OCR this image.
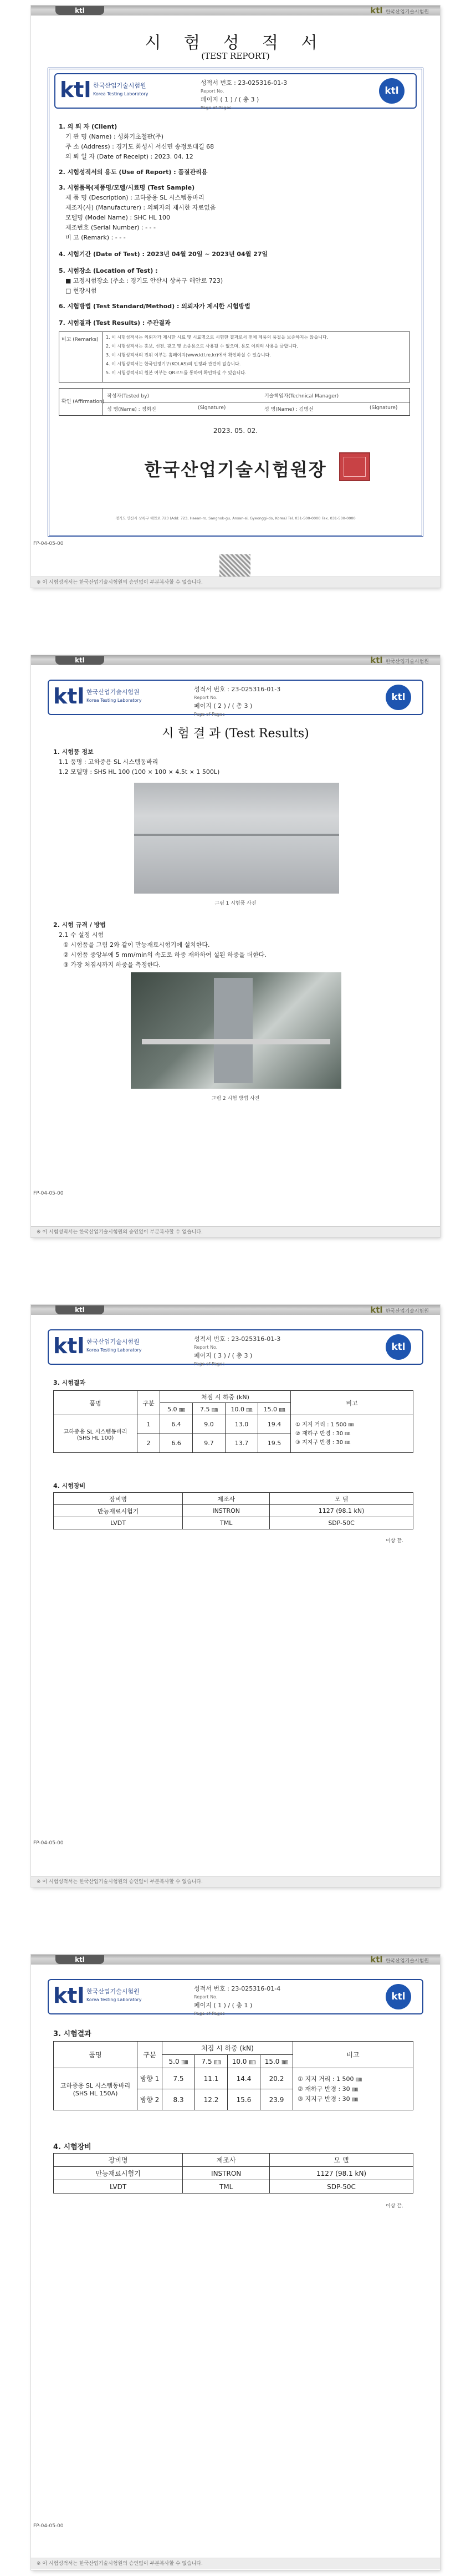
ktl	ktl 한국산업기술시험원
시 험 성 적 서
(TEST REPORT)
ktl 한국산업기술시험원
Korea Testing Laboratory
성적서 번호 : 23-025316-01-3
Report No.
페이지 ( 1 ) / ( 총 3 )
Page of Pages
ktl
1. 의 뢰 자 (Client)
기 관 명 (Name) : 성화기초철판(주)
주 소 (Address) : 경기도 화성시 서신면 송정로대길 68
의 뢰 일 자 (Date of Receipt) : 2023. 04. 12
2. 시험성적서의 용도 (Use of Report) : 품질관리용
3. 시험품목(제품명/모델/시료명 (Test Sample)
제 품 명 (Description) : 고하중용 SL 시스템동바리
제조자(사) (Manufacturer) : 의뢰자의 제시한 자료없음
모델명 (Model Name) : SHC HL 100
제조번호 (Serial Number) : - - -
비 고 (Remark) : - - -
4. 시험기간 (Date of Test) : 2023년 04월 20일 ~ 2023년 04월 27일
5. 시험장소 (Location of Test) :
■ 고정시험장소 (주소 : 경기도 안산시 상록구 해안로 723)
□ 현장시험
6. 시험방법 (Test Standard/Method) : 의뢰자가 제시한 시험방법
7. 시험결과 (Test Results) : 주관결과
비고 (Remarks) 1. 이 시험성적서는 의뢰자가 제시한 시료 및 시료명으로 시험한 결과로서 전체 제품의 품질을 보증하지는 않습니다.
2. 이 시험성적서는 홍보, 선전, 광고 및 소송용으로 사용될 수 없으며, 용도 이외의 사용을 금합니다.
3. 이 시험성적서의 진위 여부는 홈페이지(www.ktl.re.kr)에서 확인하실 수 있습니다.
4. 이 시험성적서는 한국인정기구(KOLAS)의 인정과 관련이 없습니다.
5. 이 시험성적서의 원본 여부는 QR코드를 통하여 확인하실 수 있습니다.
확인 (Affirmation)
작성자(Tested by)
성 명(Name) : 정회진	(Signature)
기술책임자(Technical Manager)
성 명(Name) : 김병선	(Signature)
2023. 05. 02.
한국산업기술시험원장
경기도 안산시 상록구 해안로 723 (Add: 723, Haean-ro, Sangnok-gu, Ansan-si, Gyeonggi-do, Korea) Tel. 031-500-0000 Fax. 031-500-0000
FP-04-05-00
※ 이 시험성적서는 한국산업기술시험원의 승인없이 부분복사할 수 없습니다.
ktl	ktl 한국산업기술시험원
ktl 한국산업기술시험원
Korea Testing Laboratory
성적서 번호 : 23-025316-01-3
Report No.
페이지 ( 2 ) / ( 총 3 )
Page of Pages
ktl
시 험 결 과 (Test Results)
1. 시험품 정보
1.1 품명 : 고하중용 SL 시스템동바리
1.2 모델명 : SHS HL 100 (100 × 100 × 4.5t × 1 500L)
그림 1 시험품 사진
2. 시험 규격 / 방법
2.1 수 설정 시험
① 시험품을 그림 2와 같이 만능재료시험기에 설치한다.
② 시험품 중앙부에 5 mm/min의 속도로 하중 재하하여 설된 하중을 더한다.
③ 가장 처짐시까지 하중을 측정한다.
그림 2 시험 방법 사진
FP-04-05-00
※ 이 시험성적서는 한국산업기술시험원의 승인없이 부분복사할 수 없습니다.
ktl	ktl 한국산업기술시험원
ktl 한국산업기술시험원
Korea Testing Laboratory
성적서 번호 : 23-025316-01-3
Report No.
페이지 ( 3 ) / ( 총 3 )
Page of Pages
ktl
3. 시험결과
품명	구분	처짐 시 하중 (kN)				비고
		5.0 ㎜	7.5 ㎜	10.0 ㎜	15.0 ㎜	
고하중용 SL 시스템동바리 (SHS HL 100)	1	6.4	9.0	13.0	19.4	① 지지 거리 : 1 500 ㎜
② 재하구 반경 : 30 ㎜
③ 지지구 반경 : 30 ㎜

	2	6.6	9.7	13.7	19.5	
4. 시험장비
장비명	제조사	모 델
만능재료시험기	INSTRON	1127 (98.1 kN)
LVDT	TML	SDP-50C
이상 끝.
FP-04-05-00
※ 이 시험성적서는 한국산업기술시험원의 승인없이 부분복사할 수 없습니다.
ktl	ktl 한국산업기술시험원
ktl 한국산업기술시험원
Korea Testing Laboratory
성적서 번호 : 23-025316-01-4
Report No.
페이지 ( 1 ) / ( 총 1 )
Page of Pages
ktl
3. 시험결과
품명	구분	처짐 시 하중 (kN)				비고
		5.0 ㎜	7.5 ㎜	10.0 ㎜	15.0 ㎜	
고하중용 SL 시스템동바리 (SHS HL 150A)	방향 1	7.5	11.1	14.4	20.2	① 지지 거리 : 1 500 ㎜
② 재하구 반경 : 30 ㎜
③ 지지구 반경 : 30 ㎜

	방향 2	8.3	12.2	15.6	23.9	
4. 시험장비
장비명	제조사	모 델
만능재료시험기	INSTRON	1127 (98.1 kN)
LVDT	TML	SDP-50C
이상 끝.
FP-04-05-00
※ 이 시험성적서는 한국산업기술시험원의 승인없이 부분복사할 수 없습니다.
